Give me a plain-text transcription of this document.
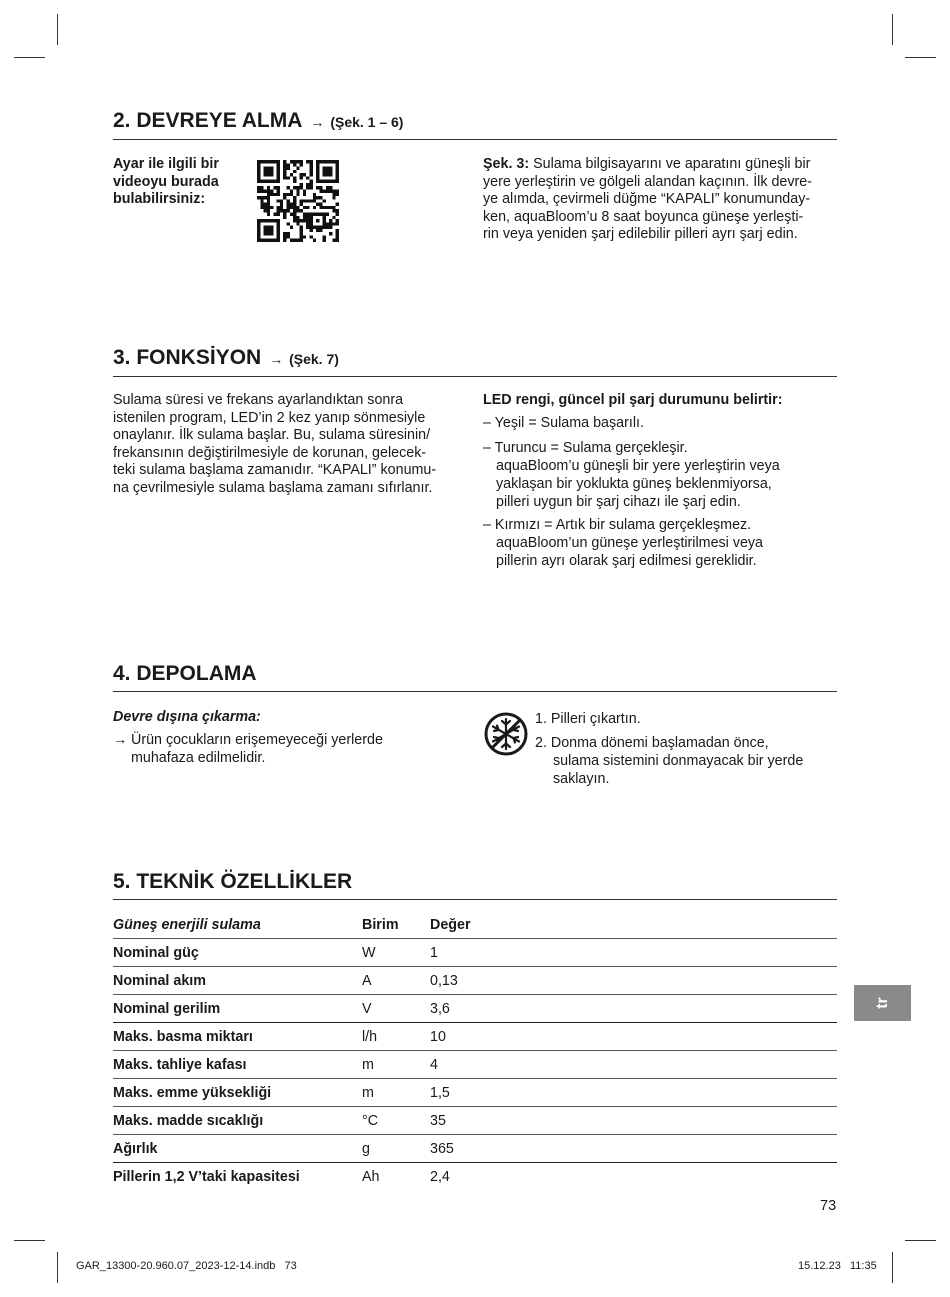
2. DEVREYE ALMA → (Şek. 1 – 6)
Ayar ile ilgili bir
videoyu burada
bulabilirsiniz:
Şek. 3: Sulama bilgisayarını ve aparatını güneşli bir
yere yerleştirin ve gölgeli alandan kaçının. İlk devre-
ye alımda, çevirmeli düğme “KAPALI” konumunday-
ken, aquaBloom’u 8 saat boyunca güneşe yerleşti-
rin veya yeniden şarj edilebilir pilleri ayrı şarj edin.
3. FONKSİYON → (Şek. 7)
Sulama süresi ve frekans ayarlandıktan sonra
istenilen program, LED’in 2 kez yanıp sönmesiyle
onaylanır. İlk sulama başlar. Bu, sulama süresinin/
frekansının değiştirilmesiyle de korunan, gelecek-
teki sulama başlama zamanıdır. “KAPALI” konumu-
na çevrilmesiyle sulama başlama zamanı sıfırlanır.
LED rengi, güncel pil şarj durumunu belirtir:
– Yeşil = Sulama başarılı.
– Turuncu = Sulama gerçekleşir.
aquaBloom’u güneşli bir yere yerleştirin veya
yaklaşan bir yoklukta güneş beklenmiyorsa,
pilleri uygun bir şarj cihazı ile şarj edin.
– Kırmızı = Artık bir sulama gerçekleşmez.
aquaBloom’un güneşe yerleştirilmesi veya
pillerin ayrı olarak şarj edilmesi gereklidir.
4. DEPOLAMA
Devre dışına çıkarma:
→ Ürün çocukların erişemeyeceği yerlerde
muhafaza edilmelidir.
1. Pilleri çıkartın.
2. Donma dönemi başlamadan önce,
sulama sistemini donmayacak bir yerde
saklayın.
5. TEKNİK ÖZELLİKLER
Güneş enerjili sulama	Birim	Değer
Nominal güç	W	1
Nominal akım	A	0,13
Nominal gerilim	V	3,6
Maks. basma miktarı	l/h	10
Maks. tahliye kafası	m	4
Maks. emme yüksekliği	m	1,5
Maks. madde sıcaklığı	°C	35
Ağırlık	g	365
Pillerin 1,2 V’taki kapasitesi	Ah	2,4
tr
73
GAR_13300-20.960.07_2023-12-14.indb   73	15.12.23   11:35
